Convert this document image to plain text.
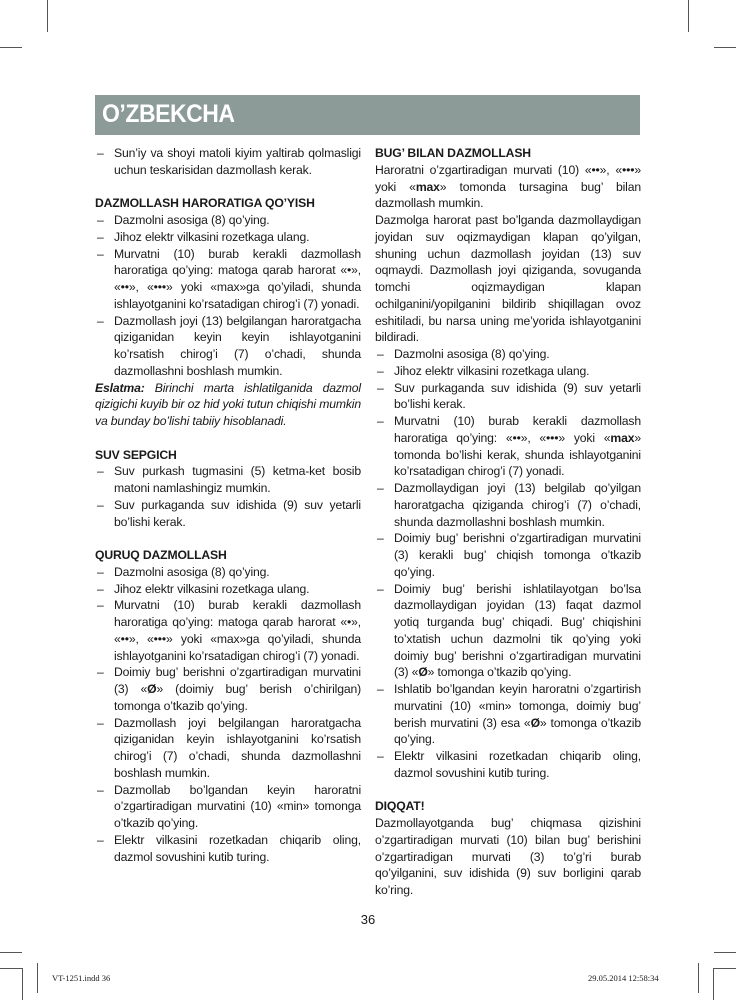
O’ZBEKCHA
– Sun’iy va shoyi matoli kiyim yaltirab qolmasligi uchun teskarisidan dazmollash kerak.
DAZMOLLASH HARORATIGA QO’YISH
– Dazmolni asosiga (8) qo’ying.
– Jihoz elektr vilkasini rozetkaga ulang.
– Murvatni (10) burab kerakli dazmollash haroratiga qo’ying: matoga qarab harorat «•», «••», «•••» yoki «max»ga qo’yiladi, shunda ishlayotganini ko’rsatadigan chirog’i (7) yonadi.
– Dazmollash joyi (13) belgilangan haroratgacha qiziganidan keyin keyin ishlayotganini ko’rsatish chirog’i (7) o’chadi, shunda dazmollashni boshlash mumkin.
Eslatma: Birinchi marta ishlatilganida dazmol qizigichi kuyib bir oz hid yoki tutun chiqishi mumkin va bunday bo’lishi tabiiy hisoblanadi.
SUV SEPGICH
– Suv purkash tugmasini (5) ketma-ket bosib matoni namlashingiz mumkin.
– Suv purkaganda suv idishida (9) suv yetarli bo’lishi kerak.
QURUQ DAZMOLLASH
– Dazmolni asosiga (8) qo’ying.
– Jihoz elektr vilkasini rozetkaga ulang.
– Murvatni (10) burab kerakli dazmollash haroratiga qo’ying: matoga qarab harorat «•», «••», «•••» yoki «max»ga qo’yiladi, shunda ishlayotganini ko’rsatadigan chirog’i (7) yonadi.
– Doimiy bug’ berishni o’zgartiradigan murvatini (3) «Ø» (doimiy bug’ berish o’chirilgan) tomonga o’tkazib qo’ying.
– Dazmollash joyi belgilangan haroratgacha qiziganidan keyin ishlayotganini ko’rsatish chirog’i (7) o’chadi, shunda dazmollashni boshlash mumkin.
– Dazmollab bo’lgandan keyin haroratni o’zgartiradigan murvatini (10) «min» tomonga o’tkazib qo’ying.
– Elektr vilkasini rozetkadan chiqarib oling, dazmol sovushini kutib turing.
BUG’ BILAN DAZMOLLASH
Haroratni o’zgartiradigan murvati (10) «••», «•••» yoki «max» tomonda tursagina bug’ bilan dazmollash mumkin.
Dazmolga harorat past bo’lganda dazmollaydigan joyidan suv oqizmaydigan klapan qo’yilgan, shuning uchun dazmollash joyidan (13) suv oqmaydi. Dazmollash joyi qiziganda, sovuganda tomchi oqizmaydigan klapan ochilganini/yopilganini bildirib shiqillagan ovoz eshitiladi, bu narsa uning me’yorida ishlayotganini bildiradi.
– Dazmolni asosiga (8) qo’ying.
– Jihoz elektr vilkasini rozetkaga ulang.
– Suv purkaganda suv idishida (9) suv yetarli bo’lishi kerak.
– Murvatni (10) burab kerakli dazmollash haroratiga qo’ying: «••», «•••» yoki «max» tomonda bo’lishi kerak, shunda ishlayotganini ko’rsatadigan chirog’i (7) yonadi.
– Dazmollaydigan joyi (13) belgilab qo’yilgan haroratgacha qiziganda chirog’i (7) o’chadi, shunda dazmollashni boshlash mumkin.
– Doimiy bug’ berishni o’zgartiradigan murvatini (3) kerakli bug’ chiqish tomonga o’tkazib qo’ying.
– Doimiy bug’ berishi ishlatilayotgan bo’lsa dazmollaydigan joyidan (13) faqat dazmol yotiq turganda bug’ chiqadi. Bug’ chiqishini to’xtatish uchun dazmolni tik qo’ying yoki doimiy bug’ berishni o’zgartiradigan murvatini (3) «Ø» tomonga o’tkazib qo’ying.
– Ishlatib bo’lgandan keyin haroratni o’zgartirish murvatini (10) «min» tomonga, doimiy bug’ berish murvatini (3) esa «Ø» tomonga o’tkazib qo’ying.
– Elektr vilkasini rozetkadan chiqarib oling, dazmol sovushini kutib turing.
DIQQAT!
Dazmollayotganda bug’ chiqmasa qizishini o’zgartiradigan murvati (10) bilan bug’ berishini o’zgartiradigan murvati (3) to’g’ri burab qo’yilganini, suv idishida (9) suv borligini qarab ko’ring.
36
VT-1251.indd 36	29.05.2014 12:58:34
